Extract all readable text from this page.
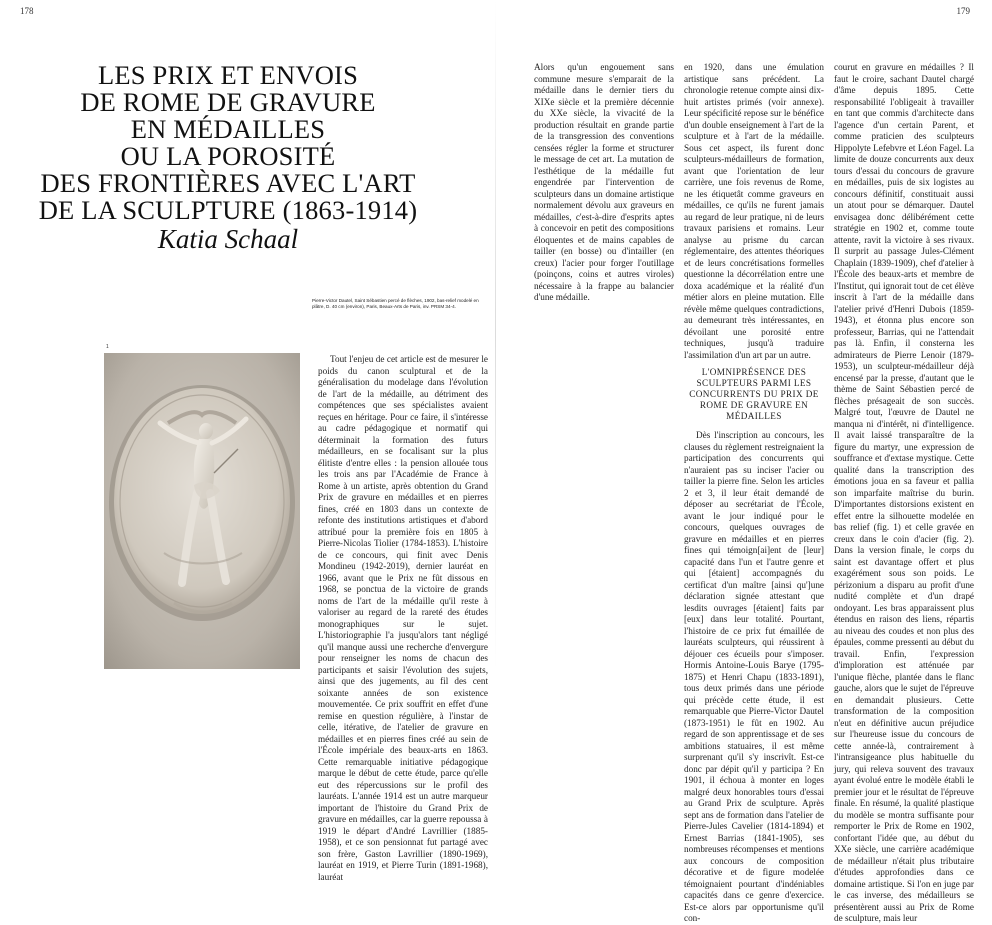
178
LES PRIX ET ENVOIS
DE ROME DE GRAVURE
EN MÉDAILLES
OU LA POROSITÉ
DES FRONTIÈRES AVEC L'ART
DE LA SCULPTURE (1863-1914)
Katia Schaal
Pierre-Victor Dautel, Saint Sébastien percé de flèches, 1902, bas-relief modelé en plâtre, D. 40 cm (environ), Paris, Beaux-Arts de Paris, inv. PRSM 34-4.
1

Tout l'enjeu de cet article est de mesurer le poids du canon sculptural et de la généralisation du modelage dans l'évolution de l'art de la médaille, au détriment des compétences que ses spécialistes avaient reçues en héritage. Pour ce faire, il s'intéresse au cadre pédagogique et normatif qui déterminait la formation des futurs médailleurs, en se focalisant sur la plus élitiste d'entre elles : la pension allouée tous les trois ans par l'Académie de France à Rome à un artiste, après obtention du Grand Prix de gravure en médailles et en pierres fines, créé en 1803 dans un contexte de refonte des institutions artistiques et d'abord attribué pour la première fois en 1805 à Pierre-Nicolas Tiolier (1784-1853). L'histoire de ce concours, qui finit avec Denis Mondineu (1942-2019), dernier lauréat en 1966, avant que le Prix ne fût dissous en 1968, se ponctua de la victoire de grands noms de l'art de la médaille qu'il reste à valoriser au regard de la rareté des études monographiques sur le sujet. L'historiographie l'a jusqu'alors tant négligé qu'il manque aussi une recherche d'envergure pour renseigner les noms de chacun des participants et saisir l'évolution des sujets, ainsi que des jugements, au fil des cent soixante années de son existence mouvementée. Ce prix souffrit en effet d'une remise en question régulière, à l'instar de celle, itérative, de l'atelier de gravure en médailles et en pierres fines créé au sein de l'École impériale des beaux-arts en 1863. Cette remarquable initiative pédagogique marque le début de cette étude, parce qu'elle eut des répercussions sur le profil des lauréats. L'année 1914 est un autre marqueur important de l'histoire du Grand Prix de gravure en médailles, car la guerre repoussa à 1919 le départ d'André Lavrillier (1885-1958), et ce son pensionnat fut partagé avec son frère, Gaston Lavrillier (1890-1969), lauréat en 1919, et Pierre Turin (1891-1968), lauréat

179

Alors qu'un engouement sans commune mesure s'emparait de la médaille dans le dernier tiers du XIXe siècle et la première décennie du XXe siècle, la vivacité de la production résultait en grande partie de la transgression des conventions censées régler la forme et structurer le message de cet art. La mutation de l'esthétique de la médaille fut engendrée par l'intervention de sculpteurs dans un domaine artistique normalement dévolu aux graveurs en médailles, c'est-à-dire d'esprits aptes à concevoir en petit des compositions éloquentes et de mains capables de tailler (en bosse) ou d'intailler (en creux) l'acier pour forger l'outillage (poinçons, coins et autres viroles) nécessaire à la frappe au balancier d'une médaille.

en 1920, dans une émulation artistique sans précédent. La chronologie retenue compte ainsi dix-huit artistes primés (voir annexe). Leur spécificité repose sur le bénéfice d'un double enseignement à l'art de la sculpture et à l'art de la médaille. Sous cet aspect, ils furent donc sculpteurs-médailleurs de formation, avant que l'orientation de leur carrière, une fois revenus de Rome, ne les étiquetât comme graveurs en médailles, ce qu'ils ne furent jamais au regard de leur pratique, ni de leurs travaux parisiens et romains. Leur analyse au prisme du carcan réglementaire, des attentes théoriques et de leurs concrétisations formelles questionne la décorrélation entre une doxa académique et la réalité d'un métier alors en pleine mutation. Elle révèle même quelques contradictions, au demeurant très intéressantes, en dévoilant une porosité entre techniques, jusqu'à traduire l'assimilation d'un art par un autre.

L'OMNIPRÉSENCE DES SCULPTEURS PARMI LES CONCURRENTS DU PRIX DE ROME DE GRAVURE EN MÉDAILLES

Dès l'inscription au concours, les clauses du règlement restreignaient la participation des concurrents qui n'auraient pas su inciser l'acier ou tailler la pierre fine. Selon les articles 2 et 3, il leur était demandé de déposer au secrétariat de l'École, avant le jour indiqué pour le concours, quelques ouvrages de gravure en médailles et en pierres fines qui témoign[ai]ent de [leur] capacité dans l'un et l'autre genre et qui [étaient] accompagnés du certificat d'un maître [ainsi qu']une déclaration signée attestant que lesdits ouvrages [étaient] faits par [eux] dans leur totalité. Pourtant, l'histoire de ce prix fut émaillée de lauréats sculpteurs, qui réussirent à déjouer ces écueils pour s'imposer. Hormis Antoine-Louis Barye (1795-1875) et Henri Chapu (1833-1891), tous deux primés dans une période qui précède cette étude, il est remarquable que Pierre-Victor Dautel (1873-1951) le fût en 1902. Au regard de son apprentissage et de ses ambitions statuaires, il est même surprenant qu'il s'y inscrivît. Est-ce donc par dépit qu'il y participa ? En 1901, il échoua à monter en loges malgré deux honorables tours d'essai au Grand Prix de sculpture. Après sept ans de formation dans l'atelier de Pierre-Jules Cavelier (1814-1894) et Ernest Barrias (1841-1905), ses nombreuses récompenses et mentions aux concours de composition décorative et de figure modelée témoignaient pourtant d'indéniables capacités dans ce genre d'exercice. Est-ce alors par opportunisme qu'il con-

courut en gravure en médailles ? Il faut le croire, sachant Dautel chargé d'âme depuis 1895. Cette responsabilité l'obligeait à travailler en tant que commis d'architecte dans l'agence d'un certain Parent, et comme praticien des sculpteurs Hippolyte Lefebvre et Léon Fagel. La limite de douze concurrents aux deux tours d'essai du concours de gravure en médailles, puis de six logistes au concours définitif, constituait aussi un atout pour se démarquer. Dautel envisagea donc délibérément cette stratégie en 1902 et, comme toute attente, ravit la victoire à ses rivaux. Il surprit au passage Jules-Clément Chaplain (1839-1909), chef d'atelier à l'École des beaux-arts et membre de l'Institut, qui ignorait tout de cet élève inscrit à l'art de la médaille dans l'atelier privé d'Henri Dubois (1859-1943), et étonna plus encore son professeur, Barrias, qui ne l'attendait pas là. Enfin, il consterna les admirateurs de Pierre Lenoir (1879-1953), un sculpteur-médailleur déjà encensé par la presse, d'autant que le thème de Saint Sébastien percé de flèches présageait de son succès. Malgré tout, l'œuvre de Dautel ne manqua ni d'intérêt, ni d'intelligence. Il avait laissé transparaître de la figure du martyr, une expression de souffrance et d'extase mystique. Cette qualité dans la transcription des émotions joua en sa faveur et pallia son imparfaite maîtrise du burin. D'importantes distorsions existent en effet entre la silhouette modelée en bas relief (fig. 1) et celle gravée en creux dans le coin d'acier (fig. 2). Dans la version finale, le corps du saint est davantage offert et plus exagérément sous son poids. Le périzonium a disparu au profit d'une nudité complète et d'un drapé ondoyant. Les bras apparaissent plus étendus en raison des liens, répartis au niveau des coudes et non plus des épaules, comme pressenti au début du travail. Enfin, l'expression d'imploration est atténuée par l'unique flèche, plantée dans le flanc gauche, alors que le sujet de l'épreuve en demandait plusieurs. Cette transformation de la composition n'eut en définitive aucun préjudice sur l'heureuse issue du concours de cette année-là, contrairement à l'intransigeance plus habituelle du jury, qui releva souvent des travaux ayant évolué entre le modèle établi le premier jour et le résultat de l'épreuve finale. En résumé, la qualité plastique du modèle se montra suffisante pour remporter le Prix de Rome en 1902, confortant l'idée que, au début du XXe siècle, une carrière académique de médailleur n'était plus tributaire d'études approfondies dans ce domaine artistique. Si l'on en juge par le cas inverse, des médailleurs se présentèrent aussi au Prix de Rome de sculpture, mais leur
